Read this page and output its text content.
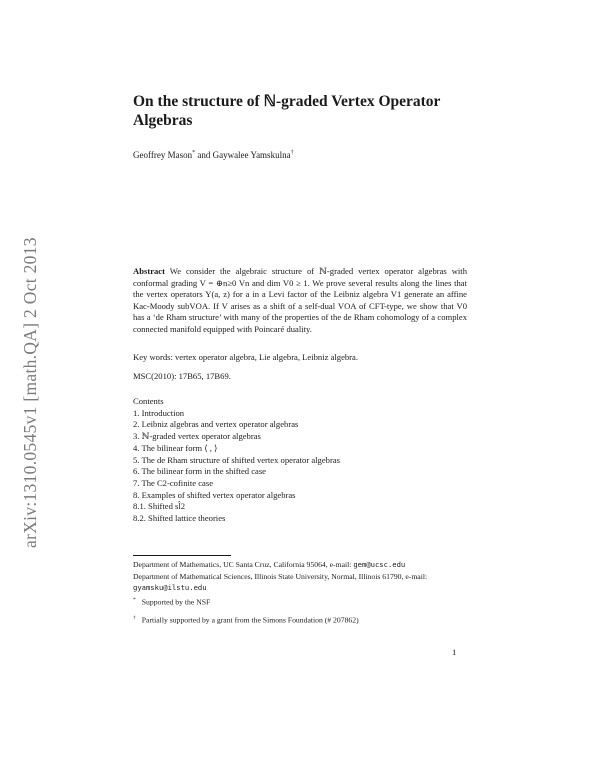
arXiv:1310.0545v1 [math.QA] 2 Oct 2013
On the structure of ℕ-graded Vertex Operator Algebras

Geoffrey Mason* and Gaywalee Yamskulna†

Abstract We consider the algebraic structure of ℕ-graded vertex operator algebras with conformal grading V = ⊕n≥0 Vn and dim V0 ≥ 1. We prove several results along the lines that the vertex operators Y(a, z) for a in a Levi factor of the Leibniz algebra V1 generate an affine Kac-Moody subVOA. If V arises as a shift of a self-dual VOA of CFT-type, we show that V0 has a ‘de Rham structure’ with many of the properties of the de Rham cohomology of a complex connected manifold equipped with Poincaré duality.

Key words: vertex operator algebra, Lie algebra, Leibniz algebra.

MSC(2010): 17B65, 17B69.

Contents

1. Introduction
2. Leibniz algebras and vertex operator algebras
3. ℕ-graded vertex operator algebras
4. The bilinear form ⟨ , ⟩
5. The de Rham structure of shifted vertex operator algebras
6. The bilinear form in the shifted case
7. The C2-cofinite case
8. Examples of shifted vertex operator algebras
8.1. Shifted sl̂2
8.2. Shifted lattice theories

Department of Mathematics, UC Santa Cruz, California 95064, e-mail: gem@ucsc.edu

Department of Mathematical Sciences, Illinois State University, Normal, Illinois 61790, e-mail: gyamsku@ilstu.edu

* Supported by the NSF

† Partially supported by a grant from the Simons Foundation (# 207862)

1
